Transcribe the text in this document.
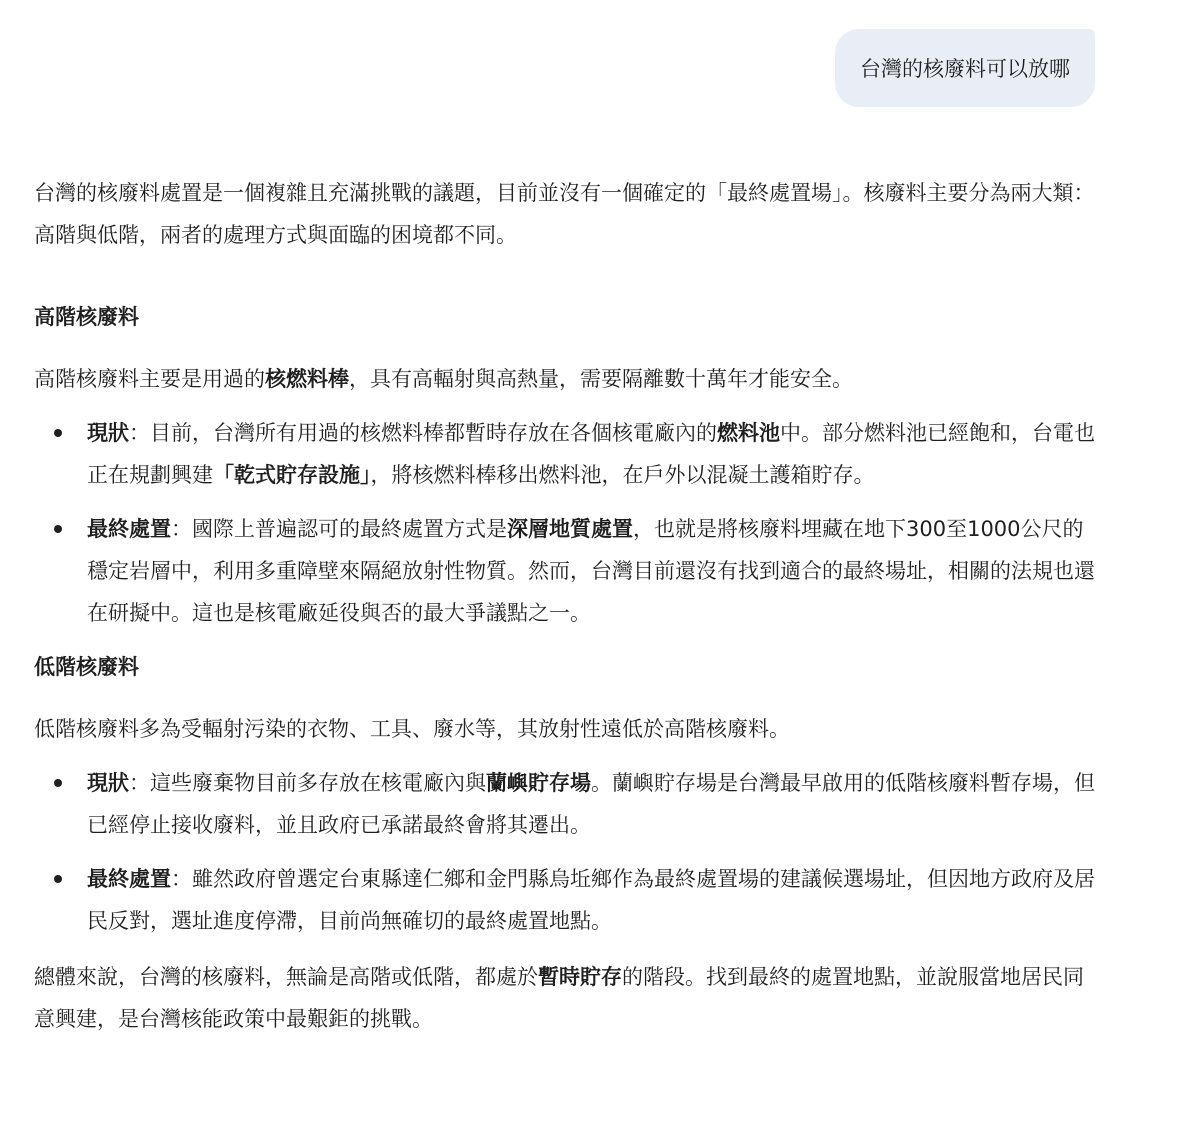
台灣的核廢料可以放哪

台灣的核廢料處置是一個複雜且充滿挑戰的議題，目前並沒有一個確定的「最終處置場」。核廢料主要分為兩大類：高階與低階，兩者的處理方式與面臨的困境都不同。

高階核廢料

高階核廢料主要是用過的核燃料棒，具有高輻射與高熱量，需要隔離數十萬年才能安全。

現狀：目前，台灣所有用過的核燃料棒都暫時存放在各個核電廠內的燃料池中。部分燃料池已經飽和，台電也正在規劃興建「乾式貯存設施」，將核燃料棒移出燃料池，在戶外以混凝土護箱貯存。
最終處置：國際上普遍認可的最終處置方式是深層地質處置，也就是將核廢料埋藏在地下300至1000公尺的穩定岩層中，利用多重障壁來隔絕放射性物質。然而，台灣目前還沒有找到適合的最終場址，相關的法規也還在研擬中。這也是核電廠延役與否的最大爭議點之一。

低階核廢料

低階核廢料多為受輻射污染的衣物、工具、廢水等，其放射性遠低於高階核廢料。

現狀：這些廢棄物目前多存放在核電廠內與蘭嶼貯存場。蘭嶼貯存場是台灣最早啟用的低階核廢料暫存場，但已經停止接收廢料，並且政府已承諾最終會將其遷出。
最終處置：雖然政府曾選定台東縣達仁鄉和金門縣烏坵鄉作為最終處置場的建議候選場址，但因地方政府及居民反對，選址進度停滯，目前尚無確切的最終處置地點。

總體來說，台灣的核廢料，無論是高階或低階，都處於暫時貯存的階段。找到最終的處置地點，並說服當地居民同意興建，是台灣核能政策中最艱鉅的挑戰。
